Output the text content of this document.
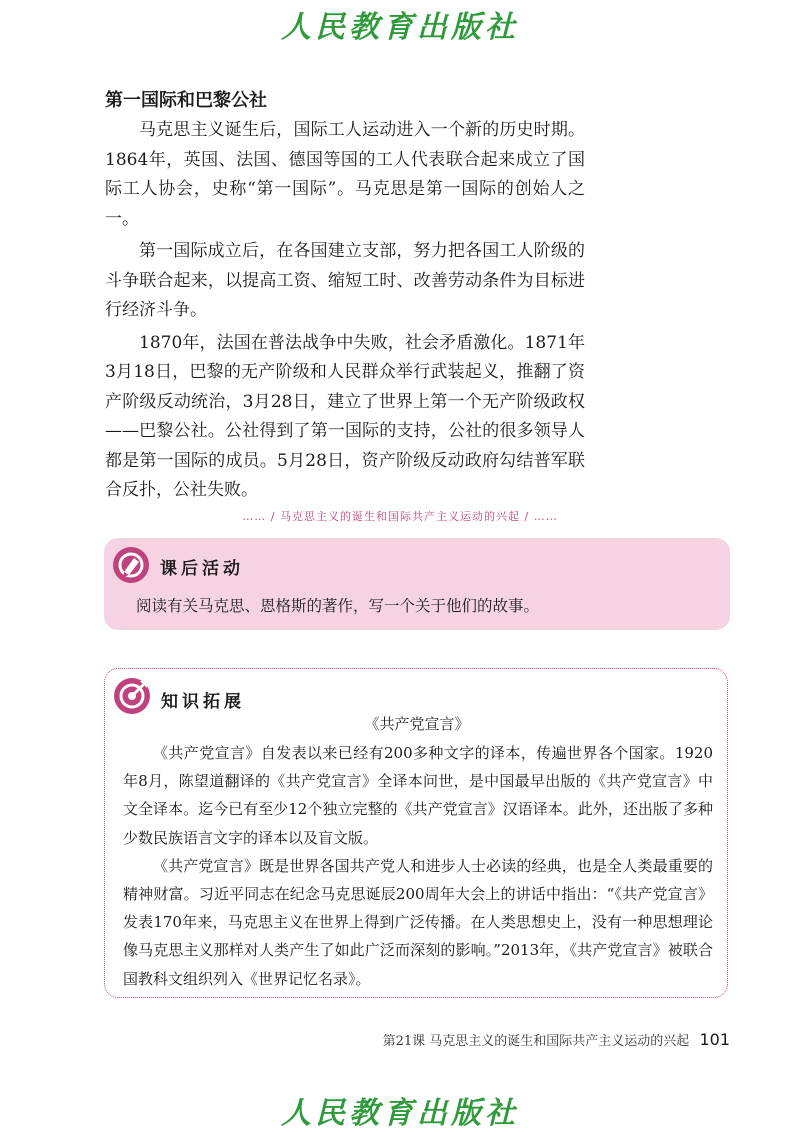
人民教育出版社
第一国际和巴黎公社

马克思主义诞生后，国际工人运动进入一个新的历史时期。1864年，英国、法国、德国等国的工人代表联合起来成立了国际工人协会，史称“第一国际”。马克思是第一国际的创始人之一。

第一国际成立后，在各国建立支部，努力把各国工人阶级的斗争联合起来，以提高工资、缩短工时、改善劳动条件为目标进行经济斗争。

1870年，法国在普法战争中失败，社会矛盾激化。1871年3月18日，巴黎的无产阶级和人民群众举行武装起义，推翻了资产阶级反动统治，3月28日，建立了世界上第一个无产阶级政权——巴黎公社。公社得到了第一国际的支持，公社的很多领导人都是第一国际的成员。5月28日，资产阶级反动政府勾结普军联合反扑，公社失败。

…… / 马克思主义的诞生和国际共产主义运动的兴起 / ……
课后活动
阅读有关马克思、恩格斯的著作，写一个关于他们的故事。
知识拓展
《共产党宣言》

《共产党宣言》自发表以来已经有200多种文字的译本，传遍世界各个国家。1920年8月，陈望道翻译的《共产党宣言》全译本问世，是中国最早出版的《共产党宣言》中文全译本。迄今已有至少12个独立完整的《共产党宣言》汉语译本。此外，还出版了多种少数民族语言文字的译本以及盲文版。

《共产党宣言》既是世界各国共产党人和进步人士必读的经典，也是全人类最重要的精神财富。习近平同志在纪念马克思诞辰200周年大会上的讲话中指出：“《共产党宣言》发表170年来，马克思主义在世界上得到广泛传播。在人类思想史上，没有一种思想理论像马克思主义那样对人类产生了如此广泛而深刻的影响。”2013年，《共产党宣言》被联合国教科文组织列入《世界记忆名录》。

第21课 马克思主义的诞生和国际共产主义运动的兴起 101
人民教育出版社
